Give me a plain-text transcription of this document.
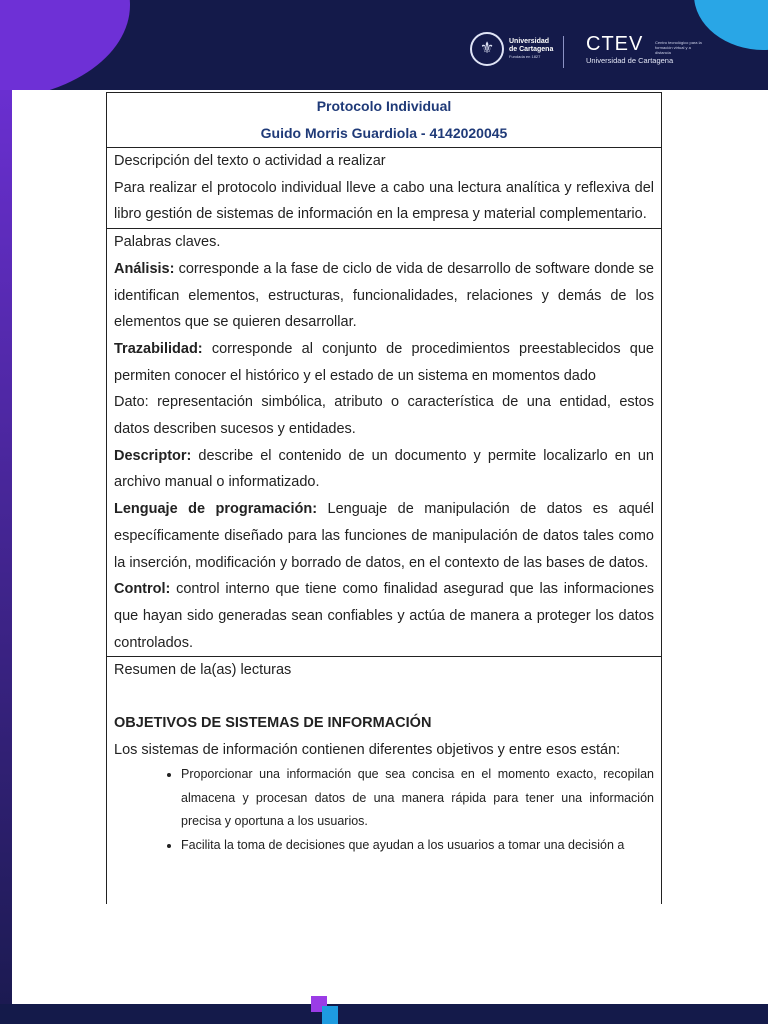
⚜	Universidad de Cartagena
Fundada en 1827
CTEV
Universidad de Cartagena
Centro tecnológico para la formación virtual y a distancia
Protocolo Individual
Guido Morris Guardiola - 4142020045
Descripción del texto o actividad a realizar
Para realizar el protocolo individual lleve a cabo una lectura analítica y reflexiva del libro gestión de sistemas de información en la empresa y material complementario.
Palabras claves.
Análisis: corresponde a la fase de ciclo de vida de desarrollo de software donde se identifican elementos, estructuras, funcionalidades, relaciones y demás de los elementos que se quieren desarrollar.
Trazabilidad: corresponde al conjunto de procedimientos preestablecidos que permiten conocer el histórico y el estado de un sistema en momentos dado
Dato: representación simbólica, atributo o característica de una entidad, estos datos describen sucesos y entidades.
Descriptor: describe el contenido de un documento y permite localizarlo en un archivo manual o informatizado.
Lenguaje de programación: Lenguaje de manipulación de datos es aquél específicamente diseñado para las funciones de manipulación de datos tales como la inserción, modificación y borrado de datos, en el contexto de las bases de datos.
Control: control interno que tiene como finalidad asegurad que las informaciones que hayan sido generadas sean confiables y actúa de manera a proteger los datos controlados.
Resumen de la(as) lecturas
OBJETIVOS DE SISTEMAS DE INFORMACIÓN
Los sistemas de información contienen diferentes objetivos y entre esos están:
• Proporcionar una información que sea concisa en el momento exacto, recopilan almacena y procesan datos de una manera rápida para tener una información precisa y oportuna a los usuarios.
• Facilita la toma de decisiones que ayudan a los usuarios a tomar una decisión a
